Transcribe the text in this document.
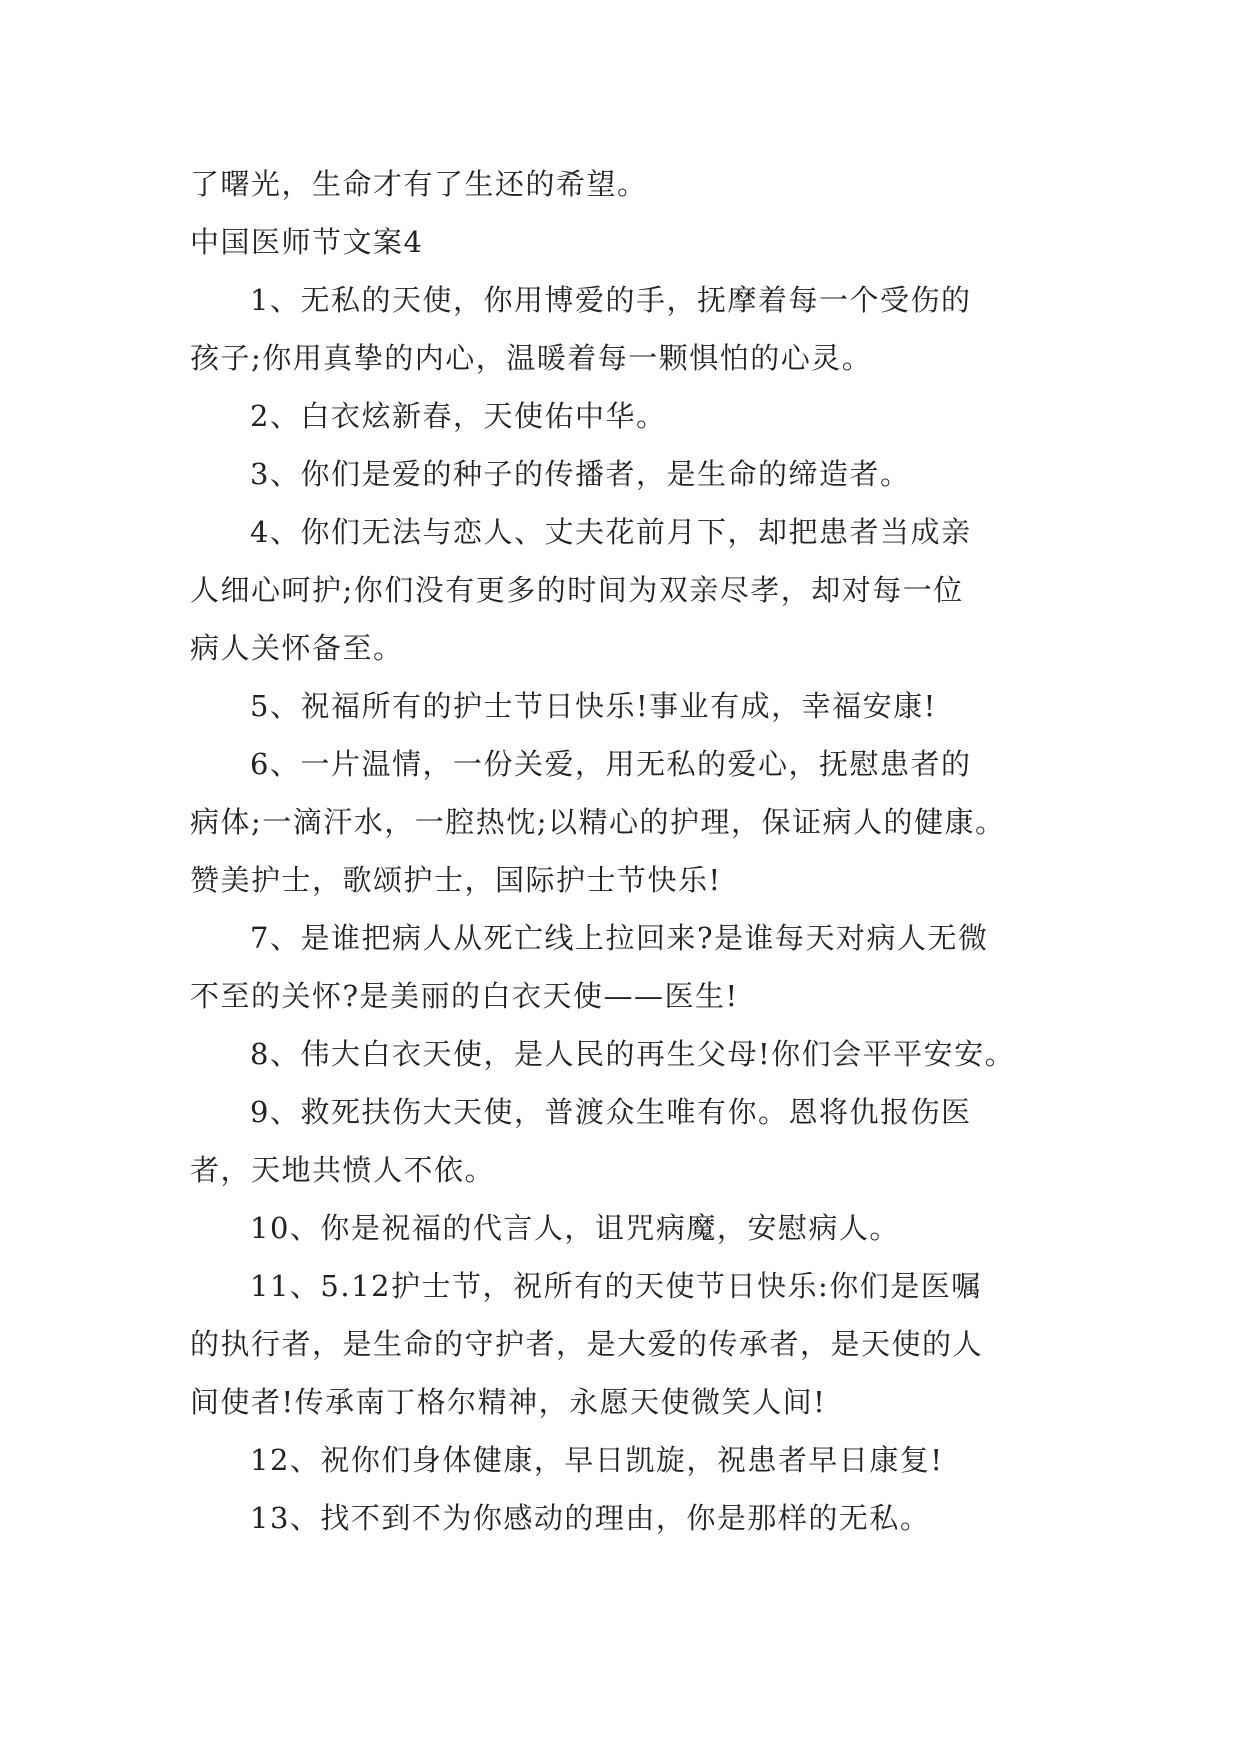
了曙光，生命才有了生还的希望。

中国医师节文案4

1、无私的天使，你用博爱的手，抚摩着每一个受伤的

孩子;你用真挚的内心，温暖着每一颗惧怕的心灵。

2、白衣炫新春，天使佑中华。

3、你们是爱的种子的传播者，是生命的缔造者。

4、你们无法与恋人、丈夫花前月下，却把患者当成亲

人细心呵护;你们没有更多的时间为双亲尽孝，却对每一位

病人关怀备至。

5、祝福所有的护士节日快乐!事业有成，幸福安康!

6、一片温情，一份关爱，用无私的爱心，抚慰患者的

病体;一滴汗水，一腔热忱;以精心的护理，保证病人的健康。

赞美护士，歌颂护士，国际护士节快乐!

7、是谁把病人从死亡线上拉回来?是谁每天对病人无微

不至的关怀?是美丽的白衣天使——医生!

8、伟大白衣天使，是人民的再生父母!你们会平平安安。

9、救死扶伤大天使，普渡众生唯有你。恩将仇报伤医

者，天地共愤人不依。

10、你是祝福的代言人，诅咒病魔，安慰病人。

11、5.12护士节，祝所有的天使节日快乐:你们是医嘱

的执行者，是生命的守护者，是大爱的传承者，是天使的人

间使者!传承南丁格尔精神，永愿天使微笑人间!

12、祝你们身体健康，早日凯旋，祝患者早日康复!

13、找不到不为你感动的理由，你是那样的无私。
